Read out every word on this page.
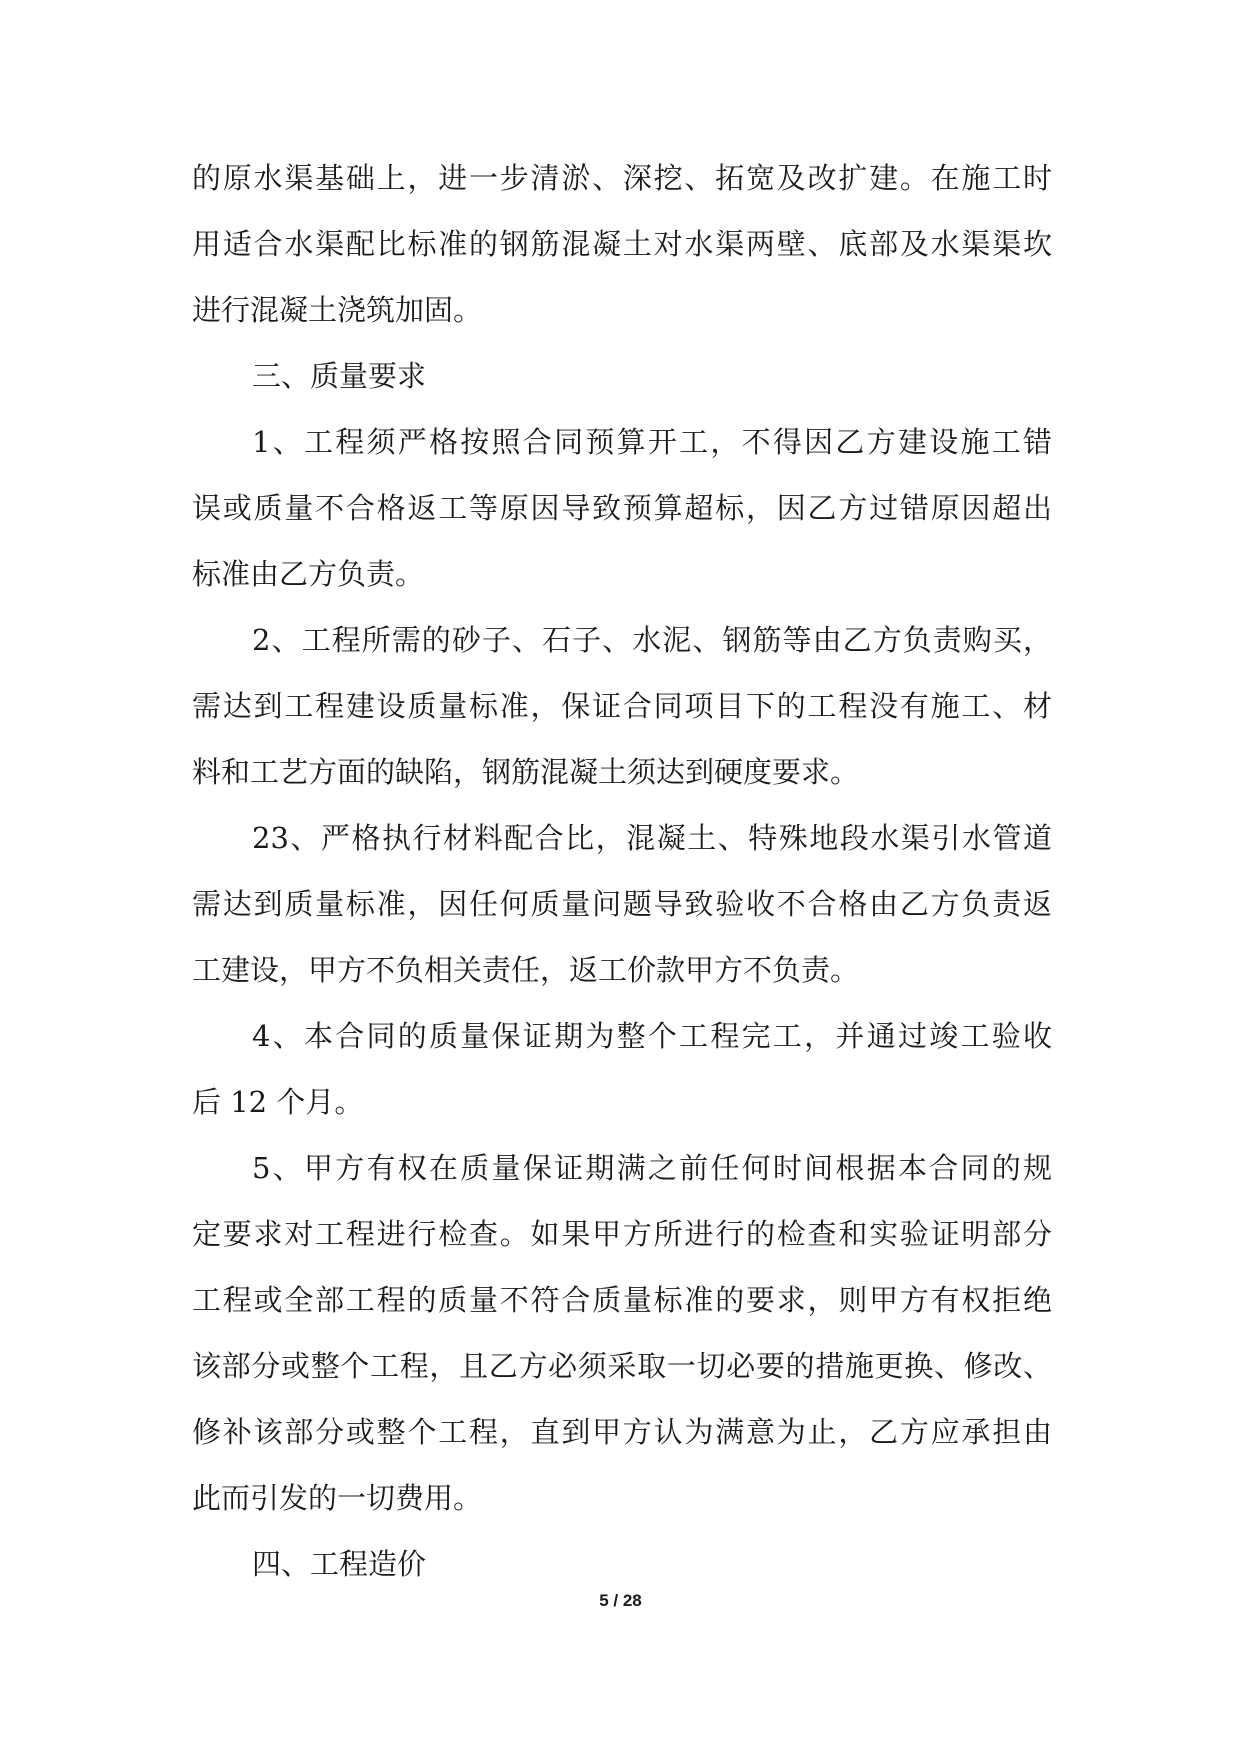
的原水渠基础上，进一步清淤、深挖、拓宽及改扩建。在施工时
用适合水渠配比标准的钢筋混凝土对水渠两壁、底部及水渠渠坎
进行混凝土浇筑加固。
三、质量要求
1、工程须严格按照合同预算开工，不得因乙方建设施工错
误或质量不合格返工等原因导致预算超标，因乙方过错原因超出
标准由乙方负责。
2、工程所需的砂子、石子、水泥、钢筋等由乙方负责购买，
需达到工程建设质量标准，保证合同项目下的工程没有施工、材
料和工艺方面的缺陷，钢筋混凝土须达到硬度要求。
23、严格执行材料配合比，混凝土、特殊地段水渠引水管道
需达到质量标准，因任何质量问题导致验收不合格由乙方负责返
工建设，甲方不负相关责任，返工价款甲方不负责。
4、本合同的质量保证期为整个工程完工，并通过竣工验收
后 12 个月。
5、甲方有权在质量保证期满之前任何时间根据本合同的规
定要求对工程进行检查。如果甲方所进行的检查和实验证明部分
工程或全部工程的质量不符合质量标准的要求，则甲方有权拒绝
该部分或整个工程，且乙方必须采取一切必要的措施更换、修改、
修补该部分或整个工程，直到甲方认为满意为止，乙方应承担由
此而引发的一切费用。
四、工程造价
5 / 28
